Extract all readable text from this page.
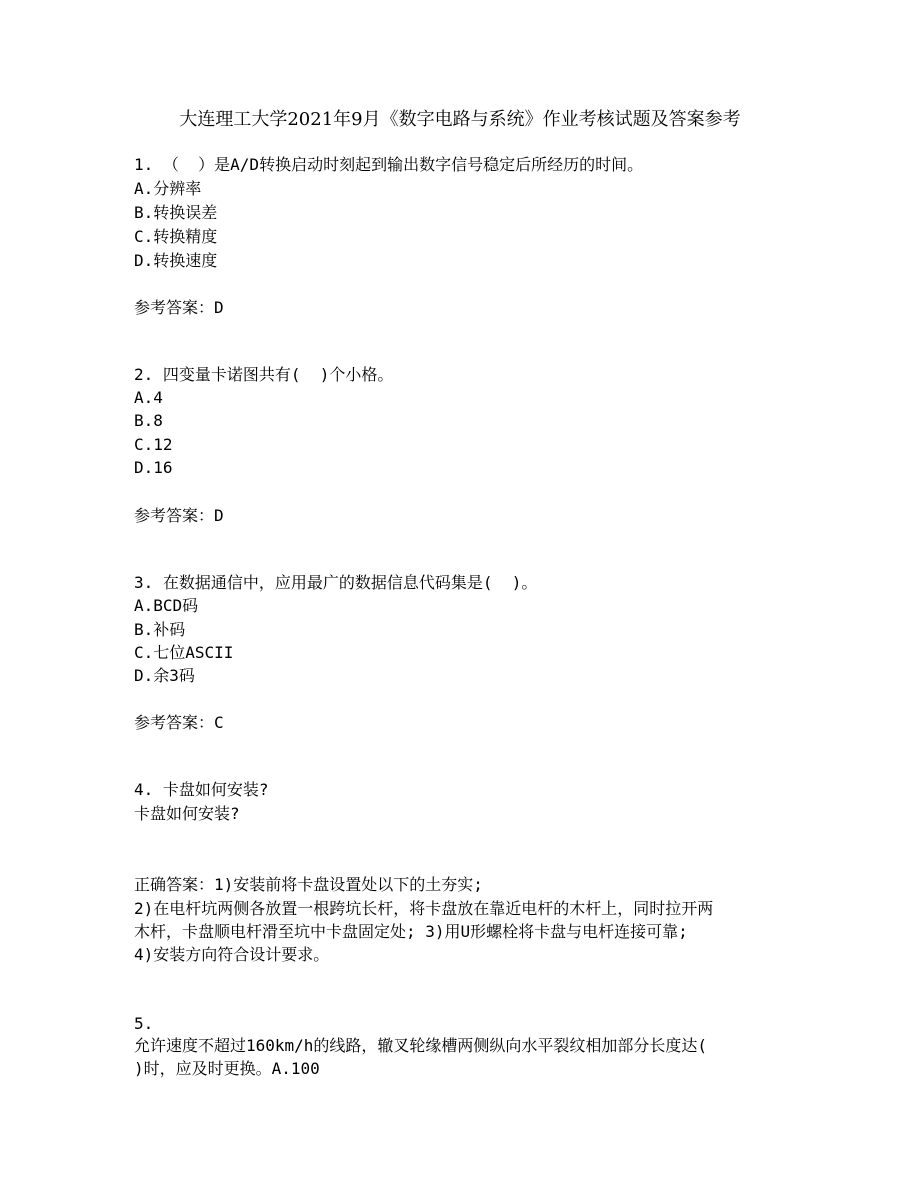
大连理工大学2021年9月《数字电路与系统》作业考核试题及答案参考
1. （  ）是A/D转换启动时刻起到输出数字信号稳定后所经历的时间。
A.分辨率
B.转换误差
C.转换精度
D.转换速度
参考答案：D
2. 四变量卡诺图共有(  )个小格。
A.4
B.8
C.12
D.16
参考答案：D
3. 在数据通信中，应用最广的数据信息代码集是(  )。
A.BCD码
B.补码
C.七位ASCII
D.余3码
参考答案：C
4. 卡盘如何安装?
卡盘如何安装?
正确答案：1)安装前将卡盘设置处以下的土夯实;
2)在电杆坑两侧各放置一根跨坑长杆，将卡盘放在靠近电杆的木杆上，同时拉开两
木杆，卡盘顺电杆滑至坑中卡盘固定处; 3)用U形螺栓将卡盘与电杆连接可靠;
4)安装方向符合设计要求。
5.
允许速度不超过160km/h的线路，辙叉轮缘槽两侧纵向水平裂纹相加部分长度达(
)时，应及时更换。A.100
